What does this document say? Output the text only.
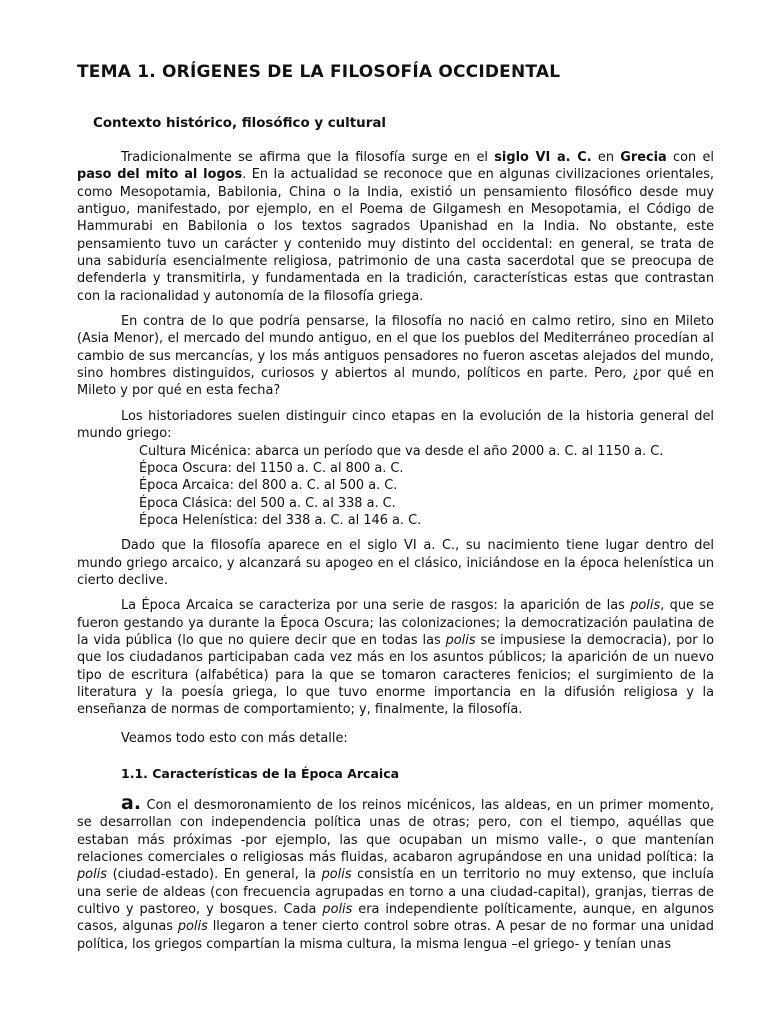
TEMA 1. ORÍGENES DE LA FILOSOFÍA OCCIDENTAL
Contexto histórico, filosófico y cultural

Tradicionalmente se afirma que la filosofía surge en el siglo VI a. C. en Grecia con el paso del mito al logos. En la actualidad se reconoce que en algunas civilizaciones orientales, como Mesopotamia, Babilonia, China o la India, existió un pensamiento filosófico desde muy antiguo, manifestado, por ejemplo, en el Poema de Gilgamesh en Mesopotamia, el Código de Hammurabi en Babilonia o los textos sagrados Upanishad en la India. No obstante, este pensamiento tuvo un carácter y contenido muy distinto del occidental: en general, se trata de una sabiduría esencialmente religiosa, patrimonio de una casta sacerdotal que se preocupa de defenderla y transmitirla, y fundamentada en la tradición, características estas que contrastan con la racionalidad y autonomía de la filosofía griega.

En contra de lo que podría pensarse, la filosofía no nació en calmo retiro, sino en Mileto (Asia Menor), el mercado del mundo antiguo, en el que los pueblos del Mediterráneo procedían al cambio de sus mercancías, y los más antiguos pensadores no fueron ascetas alejados del mundo, sino hombres distinguidos, curiosos y abiertos al mundo, políticos en parte. Pero, ¿por qué en Mileto y por qué en esta fecha?

Los historiadores suelen distinguir cinco etapas en la evolución de la historia general del mundo griego:

Cultura Micénica: abarca un período que va desde el año 2000 a. C. al 1150 a. C.
Época Oscura: del 1150 a. C. al 800 a. C.
Época Arcaica: del 800 a. C. al 500 a. C.
Época Clásica: del 500 a. C. al 338 a. C.
Época Helenística: del 338 a. C. al 146 a. C.

Dado que la filosofía aparece en el siglo VI a. C., su nacimiento tiene lugar dentro del mundo griego arcaico, y alcanzará su apogeo en el clásico, iniciándose en la época helenística un cierto declive.

La Época Arcaica se caracteriza por una serie de rasgos: la aparición de las polis, que se fueron gestando ya durante la Época Oscura; las colonizaciones; la democratización paulatina de la vida pública (lo que no quiere decir que en todas las polis se impusiese la democracia), por lo que los ciudadanos participaban cada vez más en los asuntos públicos; la aparición de un nuevo tipo de escritura (alfabética) para la que se tomaron caracteres fenicios; el surgimiento de la literatura y la poesía griega, lo que tuvo enorme importancia en la difusión religiosa y la enseñanza de normas de comportamiento; y, finalmente, la filosofía.

Veamos todo esto con más detalle:

1.1. Características de la Época Arcaica

a. Con el desmoronamiento de los reinos micénicos, las aldeas, en un primer momento, se desarrollan con independencia política unas de otras; pero, con el tiempo, aquéllas que estaban más próximas -por ejemplo, las que ocupaban un mismo valle-, o que mantenían relaciones comerciales o religiosas más fluidas, acabaron agrupándose en una unidad política: la polis (ciudad-estado). En general, la polis consistía en un territorio no muy extenso, que incluía una serie de aldeas (con frecuencia agrupadas en torno a una ciudad-capital), granjas, tierras de cultivo y pastoreo, y bosques. Cada polis era independiente políticamente, aunque, en algunos casos, algunas polis llegaron a tener cierto control sobre otras. A pesar de no formar una unidad política, los griegos compartían la misma cultura, la misma lengua –el griego- y tenían unas
